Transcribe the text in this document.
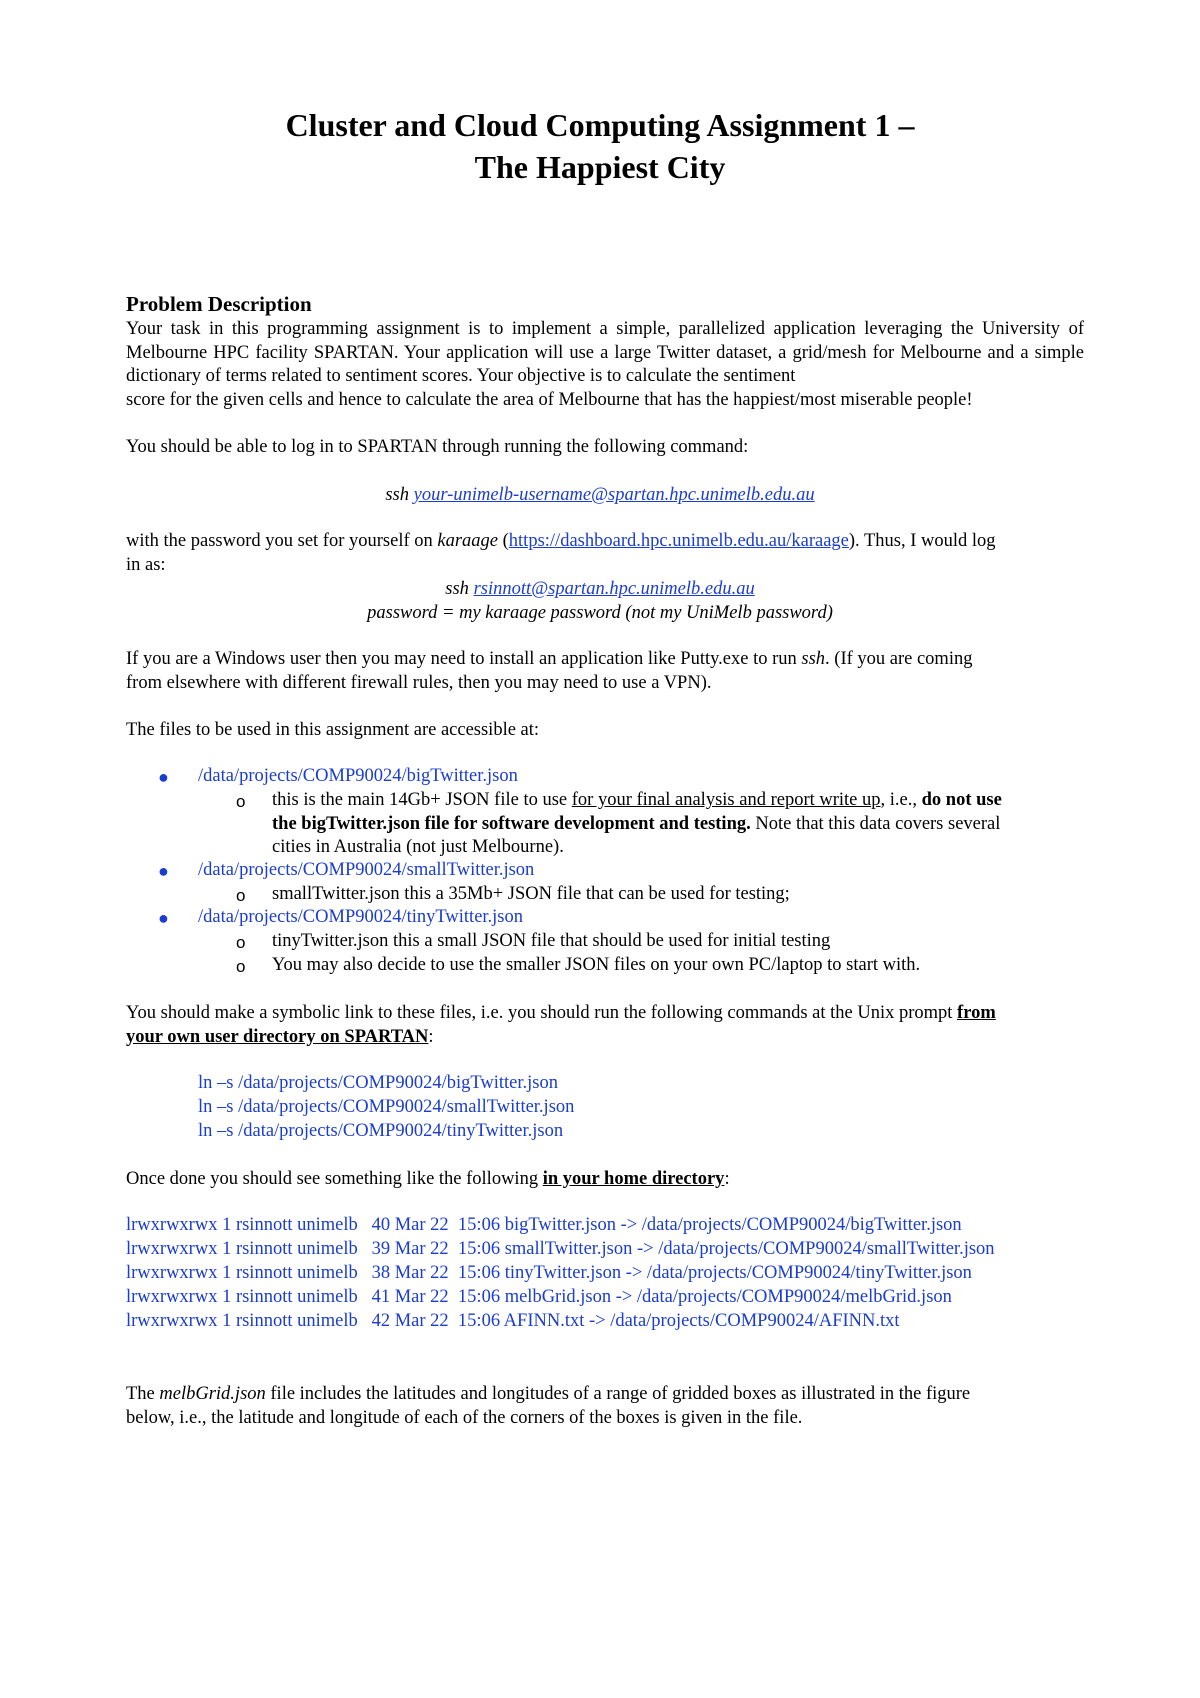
Cluster and Cloud Computing Assignment 1 –
The Happiest City
Problem Description
Your task in this programming assignment is to implement a simple, parallelized application leveraging the University of Melbourne HPC facility SPARTAN. Your application will use a large Twitter dataset, a grid/mesh for Melbourne and a simple dictionary of terms related to sentiment scores. Your objective is to calculate the sentiment
score for the given cells and hence to calculate the area of Melbourne that has the happiest/most miserable people!
You should be able to log in to SPARTAN through running the following command:
ssh your-unimelb-username@spartan.hpc.unimelb.edu.au
with the password you set for yourself on karaage (https://dashboard.hpc.unimelb.edu.au/karaage). Thus, I would log
in as:
ssh rsinnott@spartan.hpc.unimelb.edu.au
password = my karaage password (not my UniMelb password)
If you are a Windows user then you may need to install an application like Putty.exe to run ssh. (If you are coming
from elsewhere with different firewall rules, then you may need to use a VPN).
The files to be used in this assignment are accessible at:
● /data/projects/COMP90024/bigTwitter.json
o this is the main 14Gb+ JSON file to use for your final analysis and report write up, i.e., do not use
the bigTwitter.json file for software development and testing. Note that this data covers several
cities in Australia (not just Melbourne).
● /data/projects/COMP90024/smallTwitter.json
o smallTwitter.json this a 35Mb+ JSON file that can be used for testing;
● /data/projects/COMP90024/tinyTwitter.json
o tinyTwitter.json this a small JSON file that should be used for initial testing
o You may also decide to use the smaller JSON files on your own PC/laptop to start with.
You should make a symbolic link to these files, i.e. you should run the following commands at the Unix prompt from
your own user directory on SPARTAN:
ln –s /data/projects/COMP90024/bigTwitter.json
ln –s /data/projects/COMP90024/smallTwitter.json
ln –s /data/projects/COMP90024/tinyTwitter.json
Once done you should see something like the following in your home directory:
lrwxrwxrwx 1 rsinnott unimelb   40 Mar 22  15:06 bigTwitter.json -> /data/projects/COMP90024/bigTwitter.json
lrwxrwxrwx 1 rsinnott unimelb   39 Mar 22  15:06 smallTwitter.json -> /data/projects/COMP90024/smallTwitter.json
lrwxrwxrwx 1 rsinnott unimelb   38 Mar 22  15:06 tinyTwitter.json -> /data/projects/COMP90024/tinyTwitter.json
lrwxrwxrwx 1 rsinnott unimelb   41 Mar 22  15:06 melbGrid.json -> /data/projects/COMP90024/melbGrid.json
lrwxrwxrwx 1 rsinnott unimelb   42 Mar 22  15:06 AFINN.txt -> /data/projects/COMP90024/AFINN.txt
The melbGrid.json file includes the latitudes and longitudes of a range of gridded boxes as illustrated in the figure
below, i.e., the latitude and longitude of each of the corners of the boxes is given in the file.
